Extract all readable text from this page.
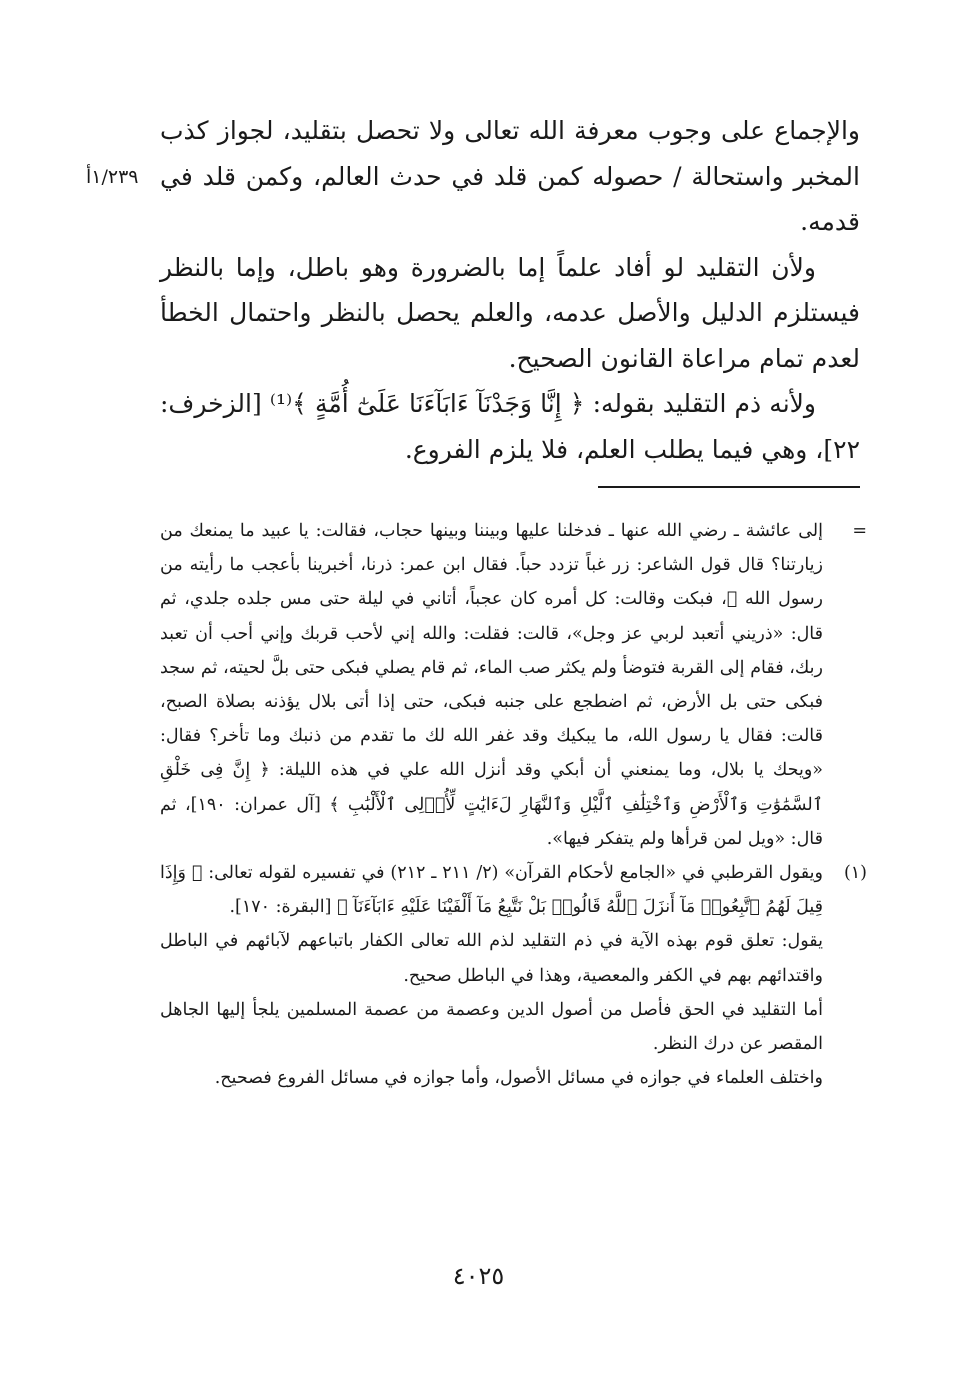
١/٢٣٩أ

والإجماع على وجوب معرفة الله تعالى ولا تحصل بتقليد، لجواز كذب المخبر واستحالة / حصوله كمن قلد في حدث العالم، وكمن قلد في قدمه.

ولأن التقليد لو أفاد علماً إما بالضرورة وهو باطل، وإما بالنظر فيستلزم الدليل والأصل عدمه، والعلم يحصل بالنظر واحتمال الخطأ لعدم تمام مراعاة القانون الصحيح.

ولأنه ذم التقليد بقوله: ﴿ إِنَّا وَجَدْنَآ ءَابَآءَنَا عَلَىٰٓ أُمَّةٍ ﴾⁽¹⁾ [الزخرف: ٢٢]، وهي فيما يطلب العلم، فلا يلزم الفروع.

=

إلى عائشة ـ رضي الله عنها ـ فدخلنا عليها وبيننا وبينها حجاب، فقالت: يا عبيد ما يمنعك من زيارتنا؟ قال قول الشاعر: زر غباً تزدد حباً. فقال ابن عمر: ذرنا، أخبرينا بأعجب ما رأيته من رسول الله ﷺ، فبكت وقالت: كل أمره كان عجباً، أتاني في ليلة حتى مس جلده جلدي، ثم قال: «ذريني أتعبد لربي عز وجل»، قالت: فقلت: والله إني لأحب قربك وإني أحب أن تعبد ربك، فقام إلى القربة فتوضأ ولم يكثر صب الماء، ثم قام يصلي فبكى حتى بلَّ لحيته، ثم سجد فبكى حتى بل الأرض، ثم اضطجع على جنبه فبكى، حتى إذا أتى بلال يؤذنه بصلاة الصبح، قالت: فقال يا رسول الله، ما يبكيك وقد غفر الله لك ما تقدم من ذنبك وما تأخر؟ فقال: «ويحك يا بلال، وما يمنعني أن أبكي وقد أنزل الله علي في هذه الليلة: ﴿ إِنَّ فِى خَلْقِ ٱلسَّمَٰوَٰتِ وَٱلْأَرْضِ وَٱخْتِلَٰفِ ٱلَّيْلِ وَٱلنَّهَارِ لَءَايَٰتٍ لِّأُو۟لِى ٱلْأَلْبَٰبِ ﴾ [آل عمران: ١٩٠]، ثم قال: «ويل لمن قرأها ولم يتفكر فيها».

(١)

ويقول القرطبي في «الجامع لأحكام القرآن» (٢/ ٢١١ ـ ٢١٢) في تفسيره لقوله تعالى: ﴿ وَإِذَا قِيلَ لَهُمُ ٱتَّبِعُوا۟ مَآ أَنزَلَ ٱللَّهُ قَالُوا۟ بَلْ نَتَّبِعُ مَآ أَلْفَيْنَا عَلَيْهِ ءَابَآءَنَآ ﴾ [البقرة: ١٧٠].

يقول: تعلق قوم بهذه الآية في ذم التقليد لذم الله تعالى الكفار باتباعهم لآبائهم في الباطل واقتدائهم بهم في الكفر والمعصية، وهذا في الباطل صحيح.

أما التقليد في الحق فأصل من أصول الدين وعصمة من عصمة المسلمين يلجأ إليها الجاهل المقصر عن درك النظر.

واختلف العلماء في جوازه في مسائل الأصول، وأما جوازه في مسائل الفروع فصحيح.

٤٠٢٥
